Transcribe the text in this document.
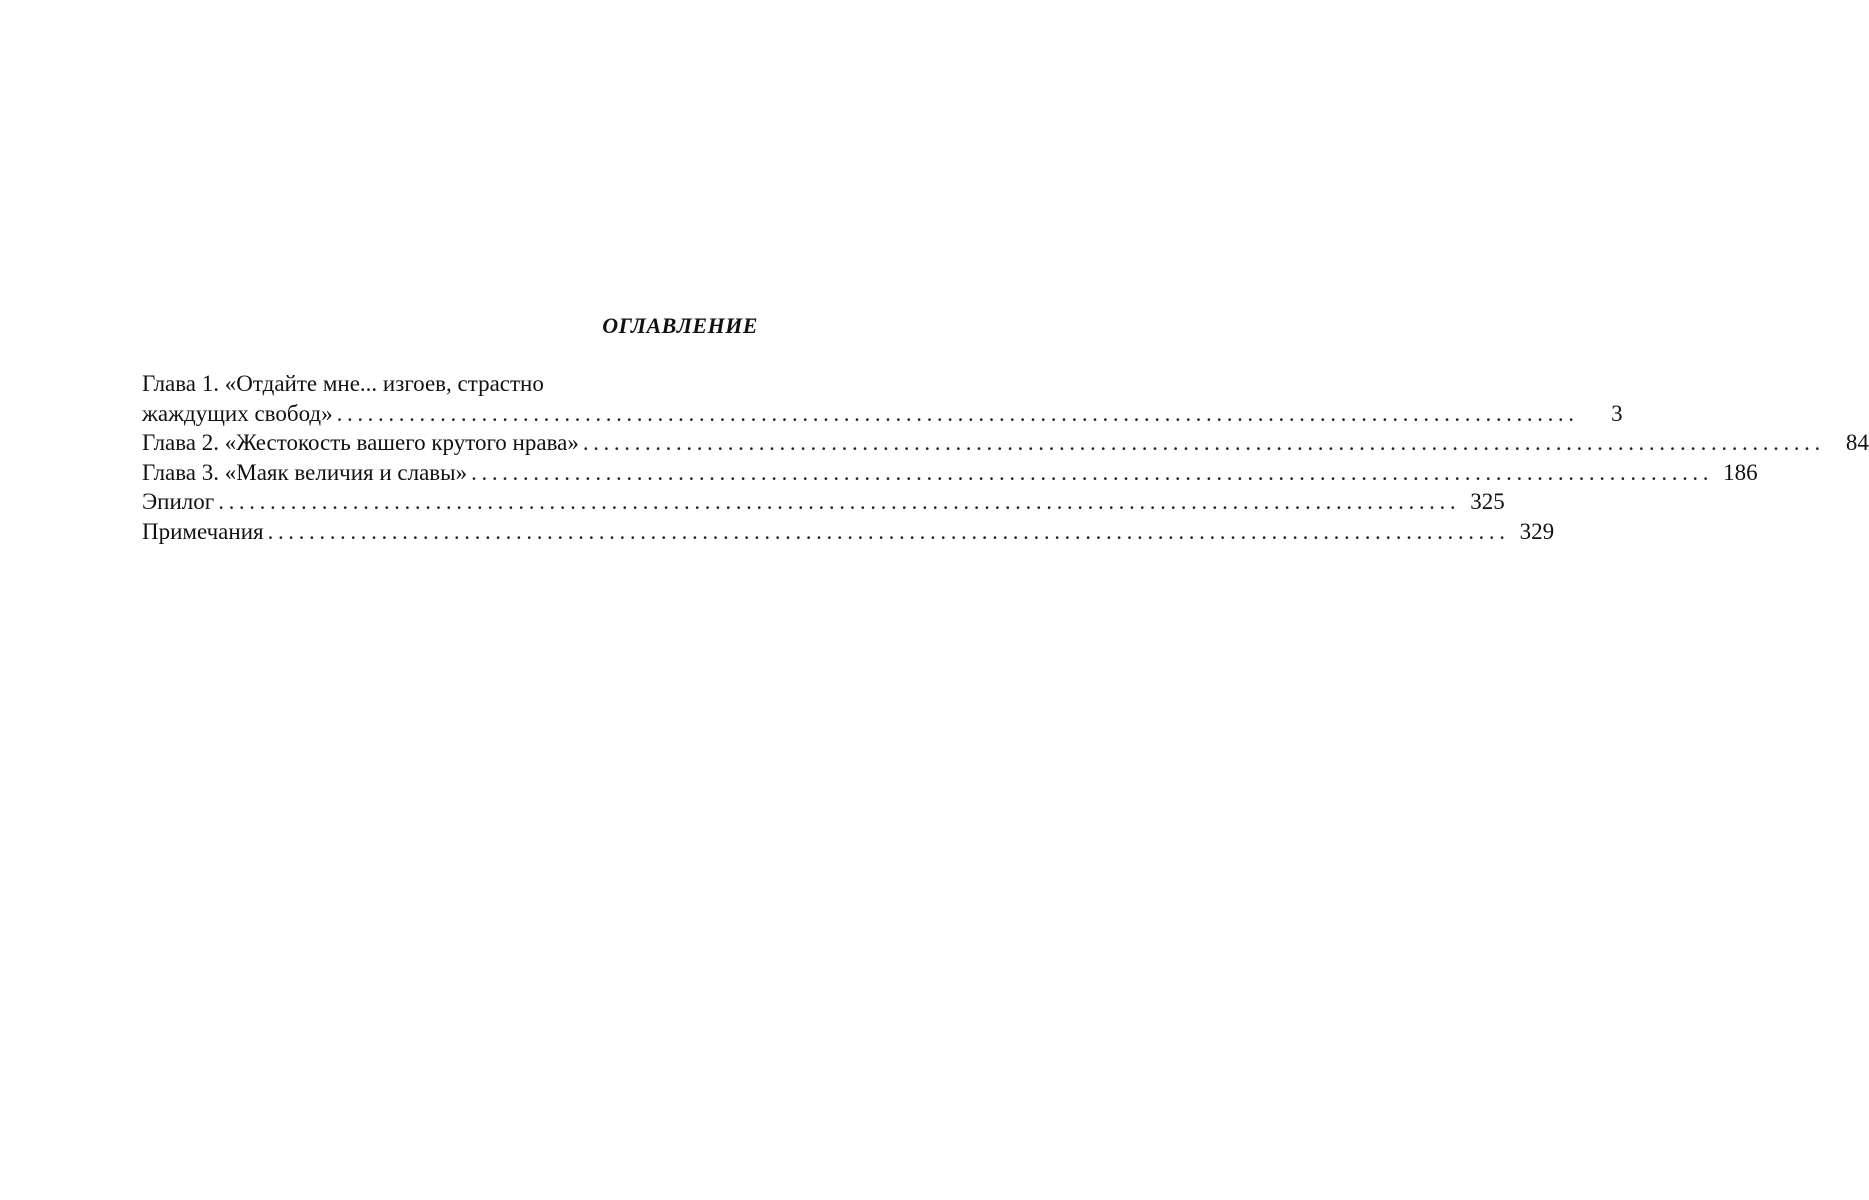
ОГЛАВЛЕНИЕ
Глава 1. «Отдайте мне... изгоев, страстно
жаждущих свобод» ........................................................................................................................	3
Глава 2. «Жестокость вашего крутого нрава» ........................................................................................................................ 84
Глава 3. «Маяк величия и славы» ........................................................................................................................ 186
Эпилог ........................................................................................................................ 325
Примечания ........................................................................................................................ 329
